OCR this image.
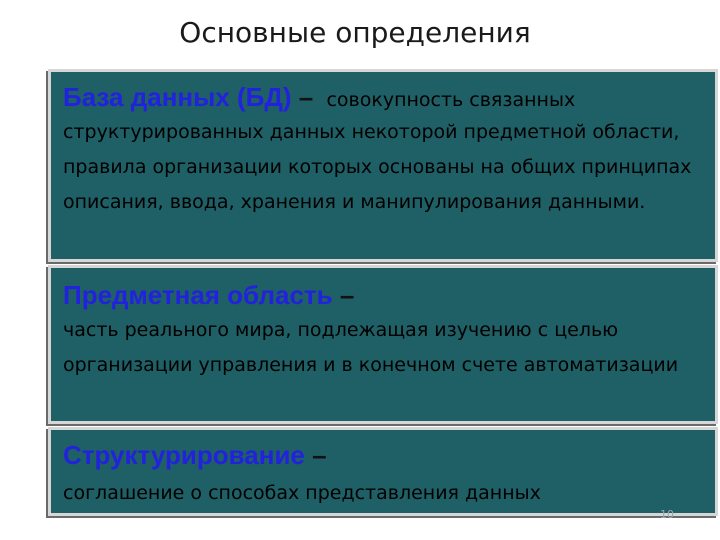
Основные определения
База данных (БД) – совокупность связанных
структурированных данных некоторой предметной области, правила организации которых основаны на общих принципах описания, ввода, хранения и манипулирования данными.
Предметная область –
часть реального мира, подлежащая изучению с целью организации управления и в конечном счете автоматизации
Структурирование –
соглашение о способах представления данных
10
